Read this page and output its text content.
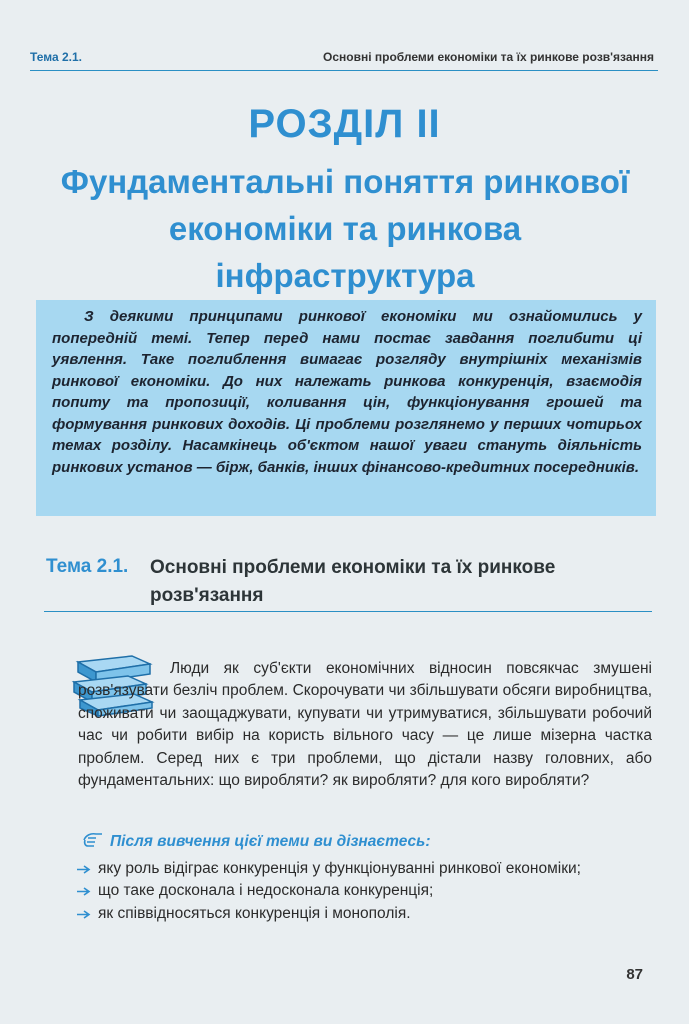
Тема 2.1.	Основні проблеми економіки та їх ринкове розв'язання
РОЗДІЛ ІІ
Фундаментальні поняття ринкової економіки та ринкова інфраструктура
З деякими принципами ринкової економіки ми ознайомились у попередній темі. Тепер перед нами постає завдання поглибити ці уявлення. Таке поглиблення вимагає розгляду внутрішніх механізмів ринкової економіки. До них належать ринкова конкуренція, взаємодія попиту та пропозиції, коливання цін, функціонування грошей та формування ринкових доходів. Ці проблеми розглянемо у перших чотирьох темах розділу. Насамкінець об'єктом нашої уваги стануть діяльність ринкових установ — бірж, банків, інших фінансово-кредитних посередників.
Тема 2.1. Основні проблеми економіки та їх ринкове розв'язання
Люди як суб'єкти економічних відносин повсякчас змушені розв'язувати безліч проблем. Скорочувати чи збільшувати обсяги виробництва, споживати чи заощаджувати, купувати чи утримуватися, збільшувати робочий час чи робити вибір на користь вільного часу — це лише мізерна частка проблем. Серед них є три проблеми, що дістали назву головних, або фундаментальних: що виробляти? як виробляти? для кого виробляти?
Після вивчення цієї теми ви дізнаєтесь:
яку роль відіграє конкуренція у функціонуванні ринкової економіки;
що таке досконала і недосконала конкуренція;
як співвідносяться конкуренція і монополія.
87
